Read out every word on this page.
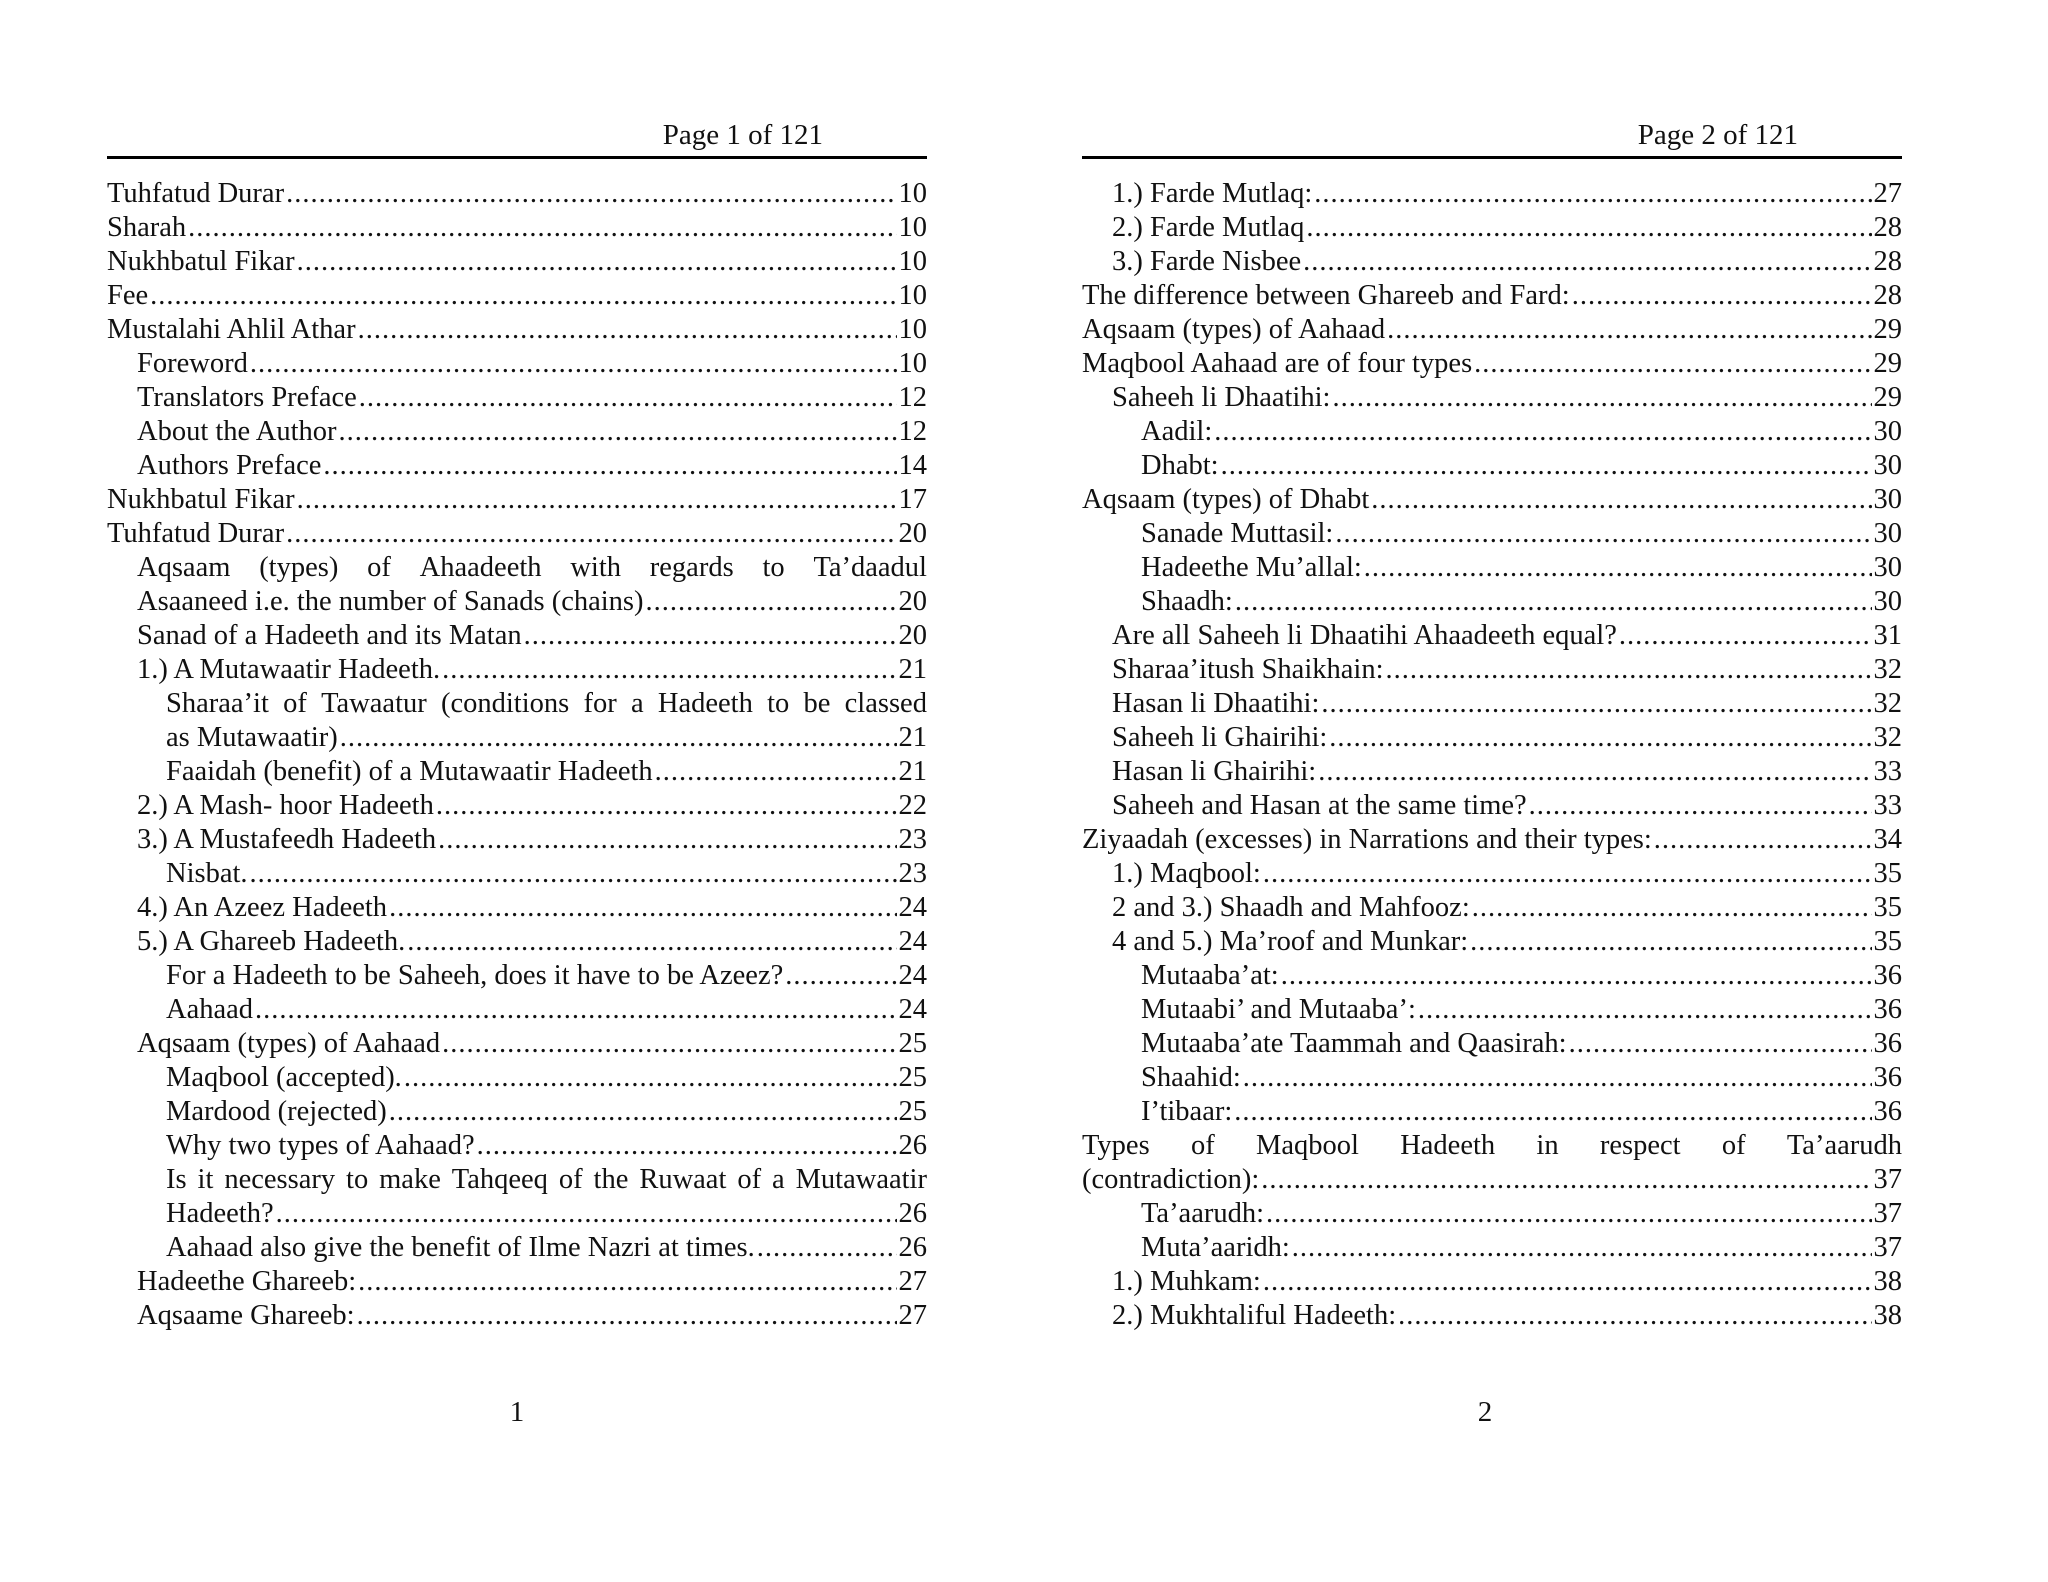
Page 1 of 121
Tuhfatud Durar .....	10
Sharah .....	10
Nukhbatul Fikar .....	10
Fee .....	10
Mustalahi Ahlil Athar .....	10
Foreword .....	10
Translators Preface .....	12
About the Author .....	12
Authors Preface .....	14
Nukhbatul Fikar .....	17
Tuhfatud Durar .....	20
Aqsaam (types) of Ahaadeeth with regards to Ta’daadul
Asaaneed i.e. the number of Sanads (chains) .....	20
Sanad of a Hadeeth and its Matan .....	20
1.) A Mutawaatir Hadeeth. .....	21
Sharaa’it of Tawaatur (conditions for a Hadeeth to be classed
as Mutawaatir) .....	21
Faaidah (benefit) of a Mutawaatir Hadeeth .....	21
2.) A Mash- hoor Hadeeth .....	22
3.) A Mustafeedh Hadeeth .....	23
Nisbat. .....	23
4.) An Azeez Hadeeth .....	24
5.) A Ghareeb Hadeeth. .....	24
For a Hadeeth to be Saheeh, does it have to be Azeez? .....	24
Aahaad .....	24
Aqsaam (types) of Aahaad .....	25
Maqbool (accepted). .....	25
Mardood (rejected) .....	25
Why two types of Aahaad? .....	26
Is it necessary to make Tahqeeq of the Ruwaat of a Mutawaatir
Hadeeth? .....	26
Aahaad also give the benefit of Ilme Nazri at times. .....	26
Hadeethe Ghareeb: .....	27
Aqsaame Ghareeb: .....	27
1
Page 2 of 121
1.) Farde Mutlaq: .....	27
2.) Farde Mutlaq .....	28
3.) Farde Nisbee .....	28
The difference between Ghareeb and Fard: .....	28
Aqsaam (types) of Aahaad .....	29
Maqbool Aahaad are of four types .....	29
Saheeh li Dhaatihi: .....	29
Aadil: .....	30
Dhabt: .....	30
Aqsaam (types) of Dhabt .....	30
Sanade Muttasil: .....	30
Hadeethe Mu’allal: .....	30
Shaadh: .....	30
Are all Saheeh li Dhaatihi Ahaadeeth equal? .....	31
Sharaa’itush Shaikhain: .....	32
Hasan li Dhaatihi: .....	32
Saheeh li Ghairihi: .....	32
Hasan li Ghairihi: .....	33
Saheeh and Hasan at the same time? .....	33
Ziyaadah (excesses) in Narrations and their types: .....	34
1.) Maqbool: .....	35
2 and 3.) Shaadh and Mahfooz: .....	35
4 and 5.) Ma’roof and Munkar: .....	35
Mutaaba’at: .....	36
Mutaabi’ and Mutaaba’: .....	36
Mutaaba’ate Taammah and Qaasirah: .....	36
Shaahid: .....	36
I’tibaar: .....	36
Types of Maqbool Hadeeth in respect of Ta’aarudh
(contradiction): .....	37
Ta’aarudh: .....	37
Muta’aaridh: .....	37
1.) Muhkam: .....	38
2.) Mukhtaliful Hadeeth: .....	38
2
